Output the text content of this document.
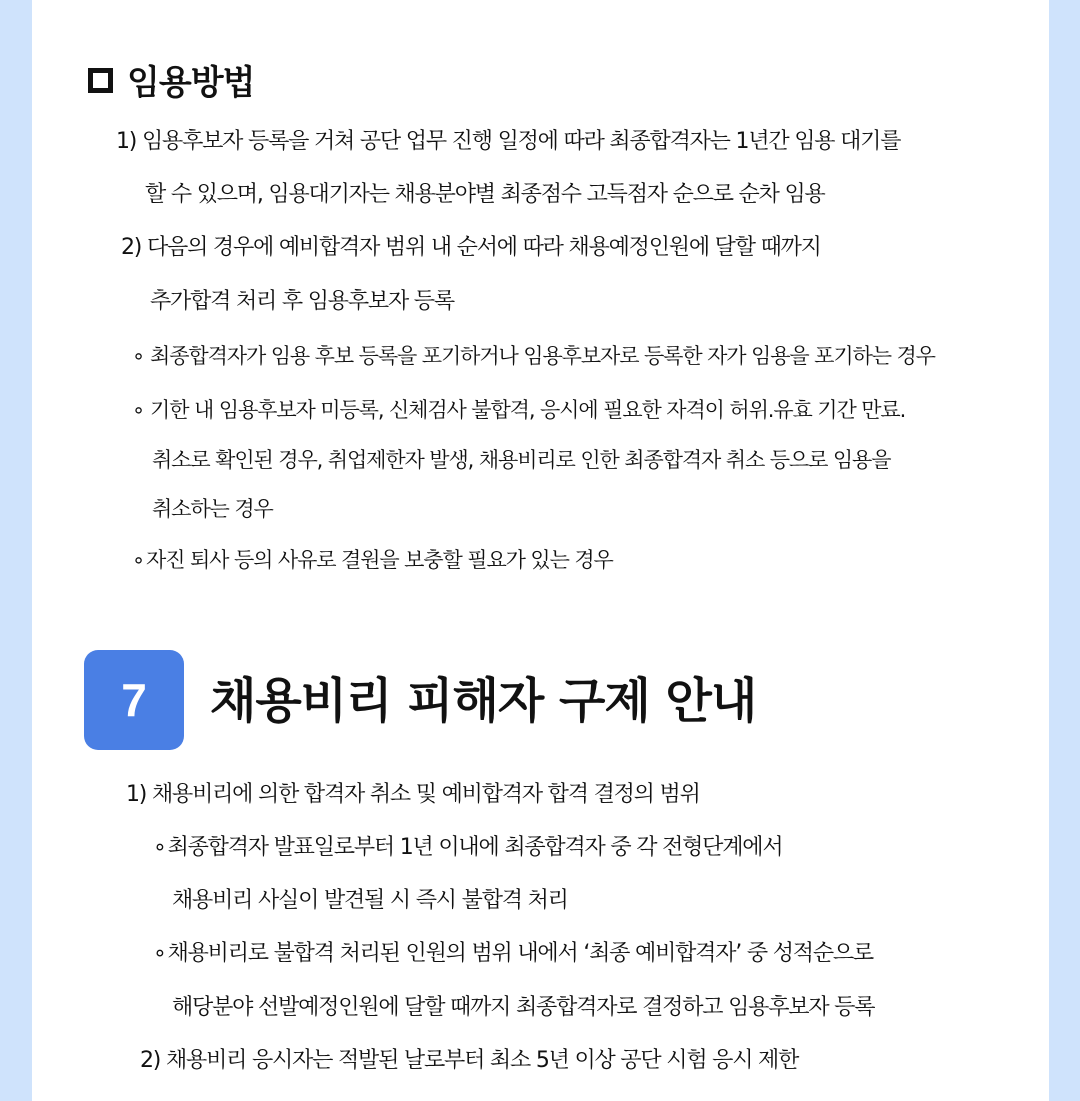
임용방법
1) 임용후보자 등록을 거쳐 공단 업무 진행 일정에 따라 최종합격자는 1년간 임용 대기를
할 수 있으며, 임용대기자는 채용분야별 최종점수 고득점자 순으로 순차 임용
2) 다음의 경우에 예비합격자 범위 내 순서에 따라 채용예정인원에 달할 때까지
추가합격 처리 후 임용후보자 등록
∘ 최종합격자가 임용 후보 등록을 포기하거나 임용후보자로 등록한 자가 임용을 포기하는 경우
∘ 기한 내 임용후보자 미등록, 신체검사 불합격, 응시에 필요한 자격이 허위.유효 기간 만료.
취소로 확인된 경우, 취업제한자 발생, 채용비리로 인한 최종합격자 취소 등으로 임용을
취소하는 경우
∘자진 퇴사 등의 사유로 결원을 보충할 필요가 있는 경우
7	채용비리 피해자 구제 안내
1) 채용비리에 의한 합격자 취소 및 예비합격자 합격 결정의 범위
∘최종합격자 발표일로부터 1년 이내에 최종합격자 중 각 전형단계에서
채용비리 사실이 발견될 시 즉시 불합격 처리
∘채용비리로 불합격 처리된 인원의 범위 내에서 ‘최종 예비합격자’ 중 성적순으로
해당분야 선발예정인원에 달할 때까지 최종합격자로 결정하고 임용후보자 등록
2) 채용비리 응시자는 적발된 날로부터 최소 5년 이상 공단 시험 응시 제한
